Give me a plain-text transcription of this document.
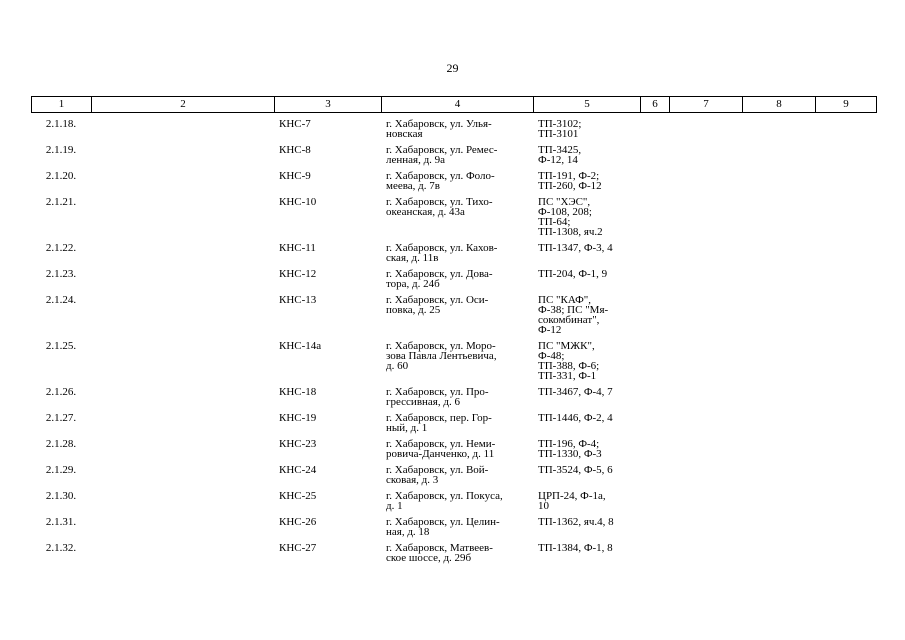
29
1	2	3	4	5	6	7	8	9
2.1.18.		КНС-7	г. Хабаровск, ул. Улья-
новская	ТП-3102;
ТП-3101				

2.1.19.		КНС-8	г. Хабаровск, ул. Ремес-
ленная, д. 9а	ТП-3425,
Ф-12, 14				

2.1.20.		КНС-9	г. Хабаровск, ул. Фоло-
меева, д. 7в	ТП-191, Ф-2;
ТП-260, Ф-12				

2.1.21.		КНС-10	г. Хабаровск, ул. Тихо-
океанская, д. 43а	ПС "ХЭС",
Ф-108, 208;
ТП-64;
ТП-1308, яч.2				

2.1.22.		КНС-11	г. Хабаровск, ул. Кахов-
ская, д. 11в	ТП-1347, Ф-3, 4				

2.1.23.		КНС-12	г. Хабаровск, ул. Дова-
тора, д. 24б	ТП-204, Ф-1, 9				

2.1.24.		КНС-13	г. Хабаровск, ул. Оси-
повка, д. 25	ПС "КАФ",
Ф-38; ПС "Мя-
сокомбинат",
Ф-12				

2.1.25.		КНС-14а	г. Хабаровск, ул. Моро-
зова Павла Лентьевича,
д. 60	ПС "МЖК",
Ф-48;
ТП-388, Ф-6;
ТП-331, Ф-1				

2.1.26.		КНС-18	г. Хабаровск, ул. Про-
грессивная, д. 6	ТП-3467, Ф-4, 7				

2.1.27.		КНС-19	г. Хабаровск, пер. Гор-
ный, д. 1	ТП-1446, Ф-2, 4				

2.1.28.		КНС-23	г. Хабаровск, ул. Неми-
ровича-Данченко, д. 11	ТП-196, Ф-4;
ТП-1330, Ф-3				

2.1.29.		КНС-24	г. Хабаровск, ул. Вой-
сковая, д. 3	ТП-3524, Ф-5, 6				

2.1.30.		КНС-25	г. Хабаровск, ул. Покуса,
д. 1	ЦРП-24, Ф-1а,
10				

2.1.31.		КНС-26	г. Хабаровск, ул. Целин-
ная, д. 18	ТП-1362, яч.4, 8				

2.1.32.		КНС-27	г. Хабаровск, Матвеев-
ское шоссе, д. 29б	ТП-1384, Ф-1, 8				
